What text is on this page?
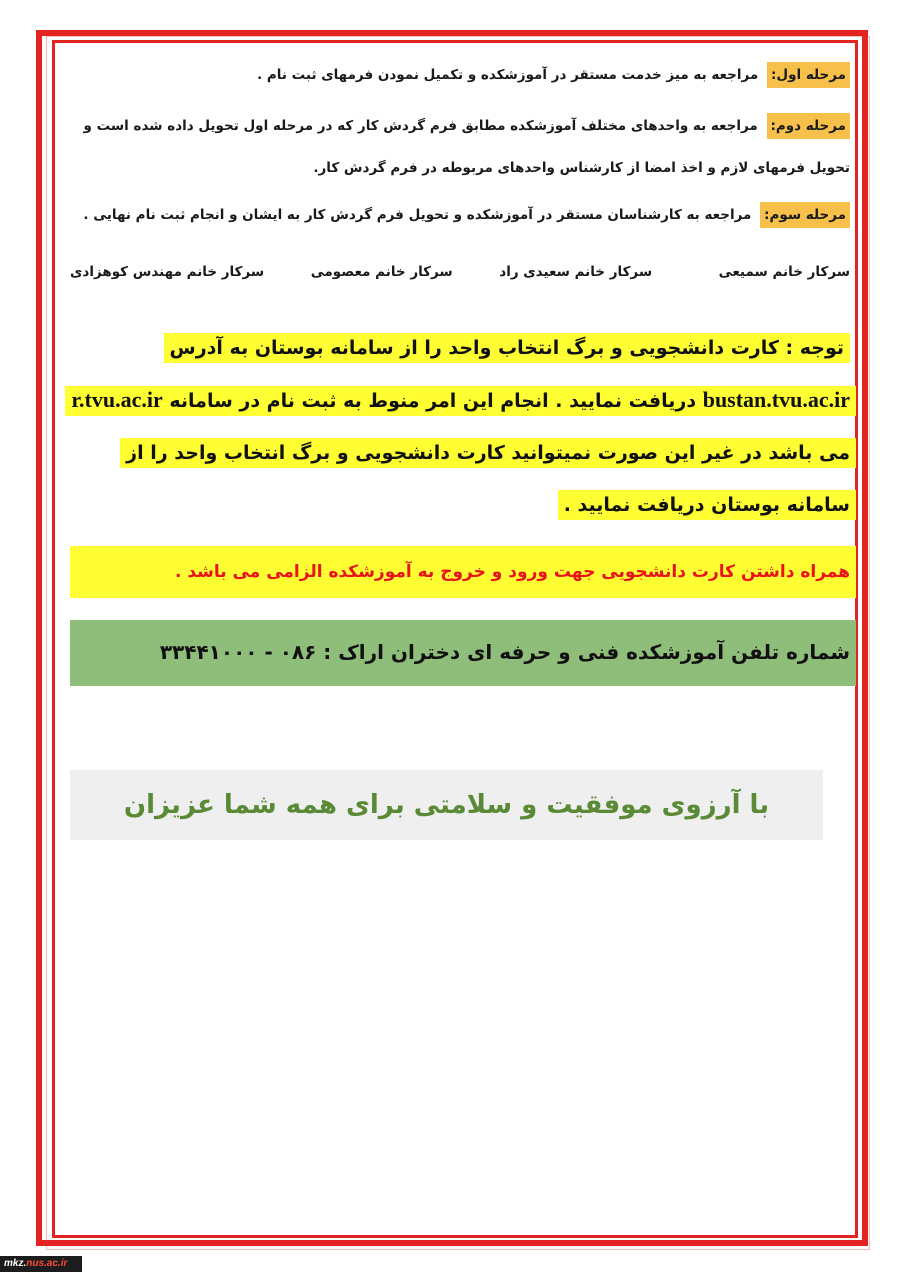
مرحله اول: مراجعه به میز خدمت مستقر در آموزشکده و تکمیل نمودن فرمهای ثبت نام .
مرحله دوم: مراجعه به واحدهای مختلف آموزشکده مطابق فرم گردش کار که در مرحله اول تحویل داده شده است و تحویل فرمهای لازم و اخذ امضا از کارشناس واحدهای مربوطه در فرم گردش کار.
مرحله سوم: مراجعه به کارشناسان مستقر در آموزشکده و تحویل فرم گردش کار به ایشان و انجام ثبت نام نهایی .
سرکار خانم سمیعی
سرکار خانم سعیدی راد
سرکار خانم معصومی
سرکار خانم مهندس کوهزادی
توجه : کارت دانشجویی و برگ انتخاب واحد را از سامانه بوستان به آدرس bustan.tvu.ac.ir دریافت نمایید . انجام این امر منوط به ثبت نام در سامانه r.tvu.ac.ir می باشد در غیر این صورت نمیتوانید کارت دانشجویی و برگ انتخاب واحد را از سامانه بوستان دریافت نمایید .
همراه داشتن کارت دانشجویی جهت ورود و خروج به آموزشکده الزامی می باشد .
شماره تلفن آموزشکده فنی و حرفه ای دختران اراک : ۰۸۶ - ۳۳۴۴۱۰۰۰
با آرزوی موفقیت و سلامتی برای همه شما عزیزان
mkz.nus.ac.ir
